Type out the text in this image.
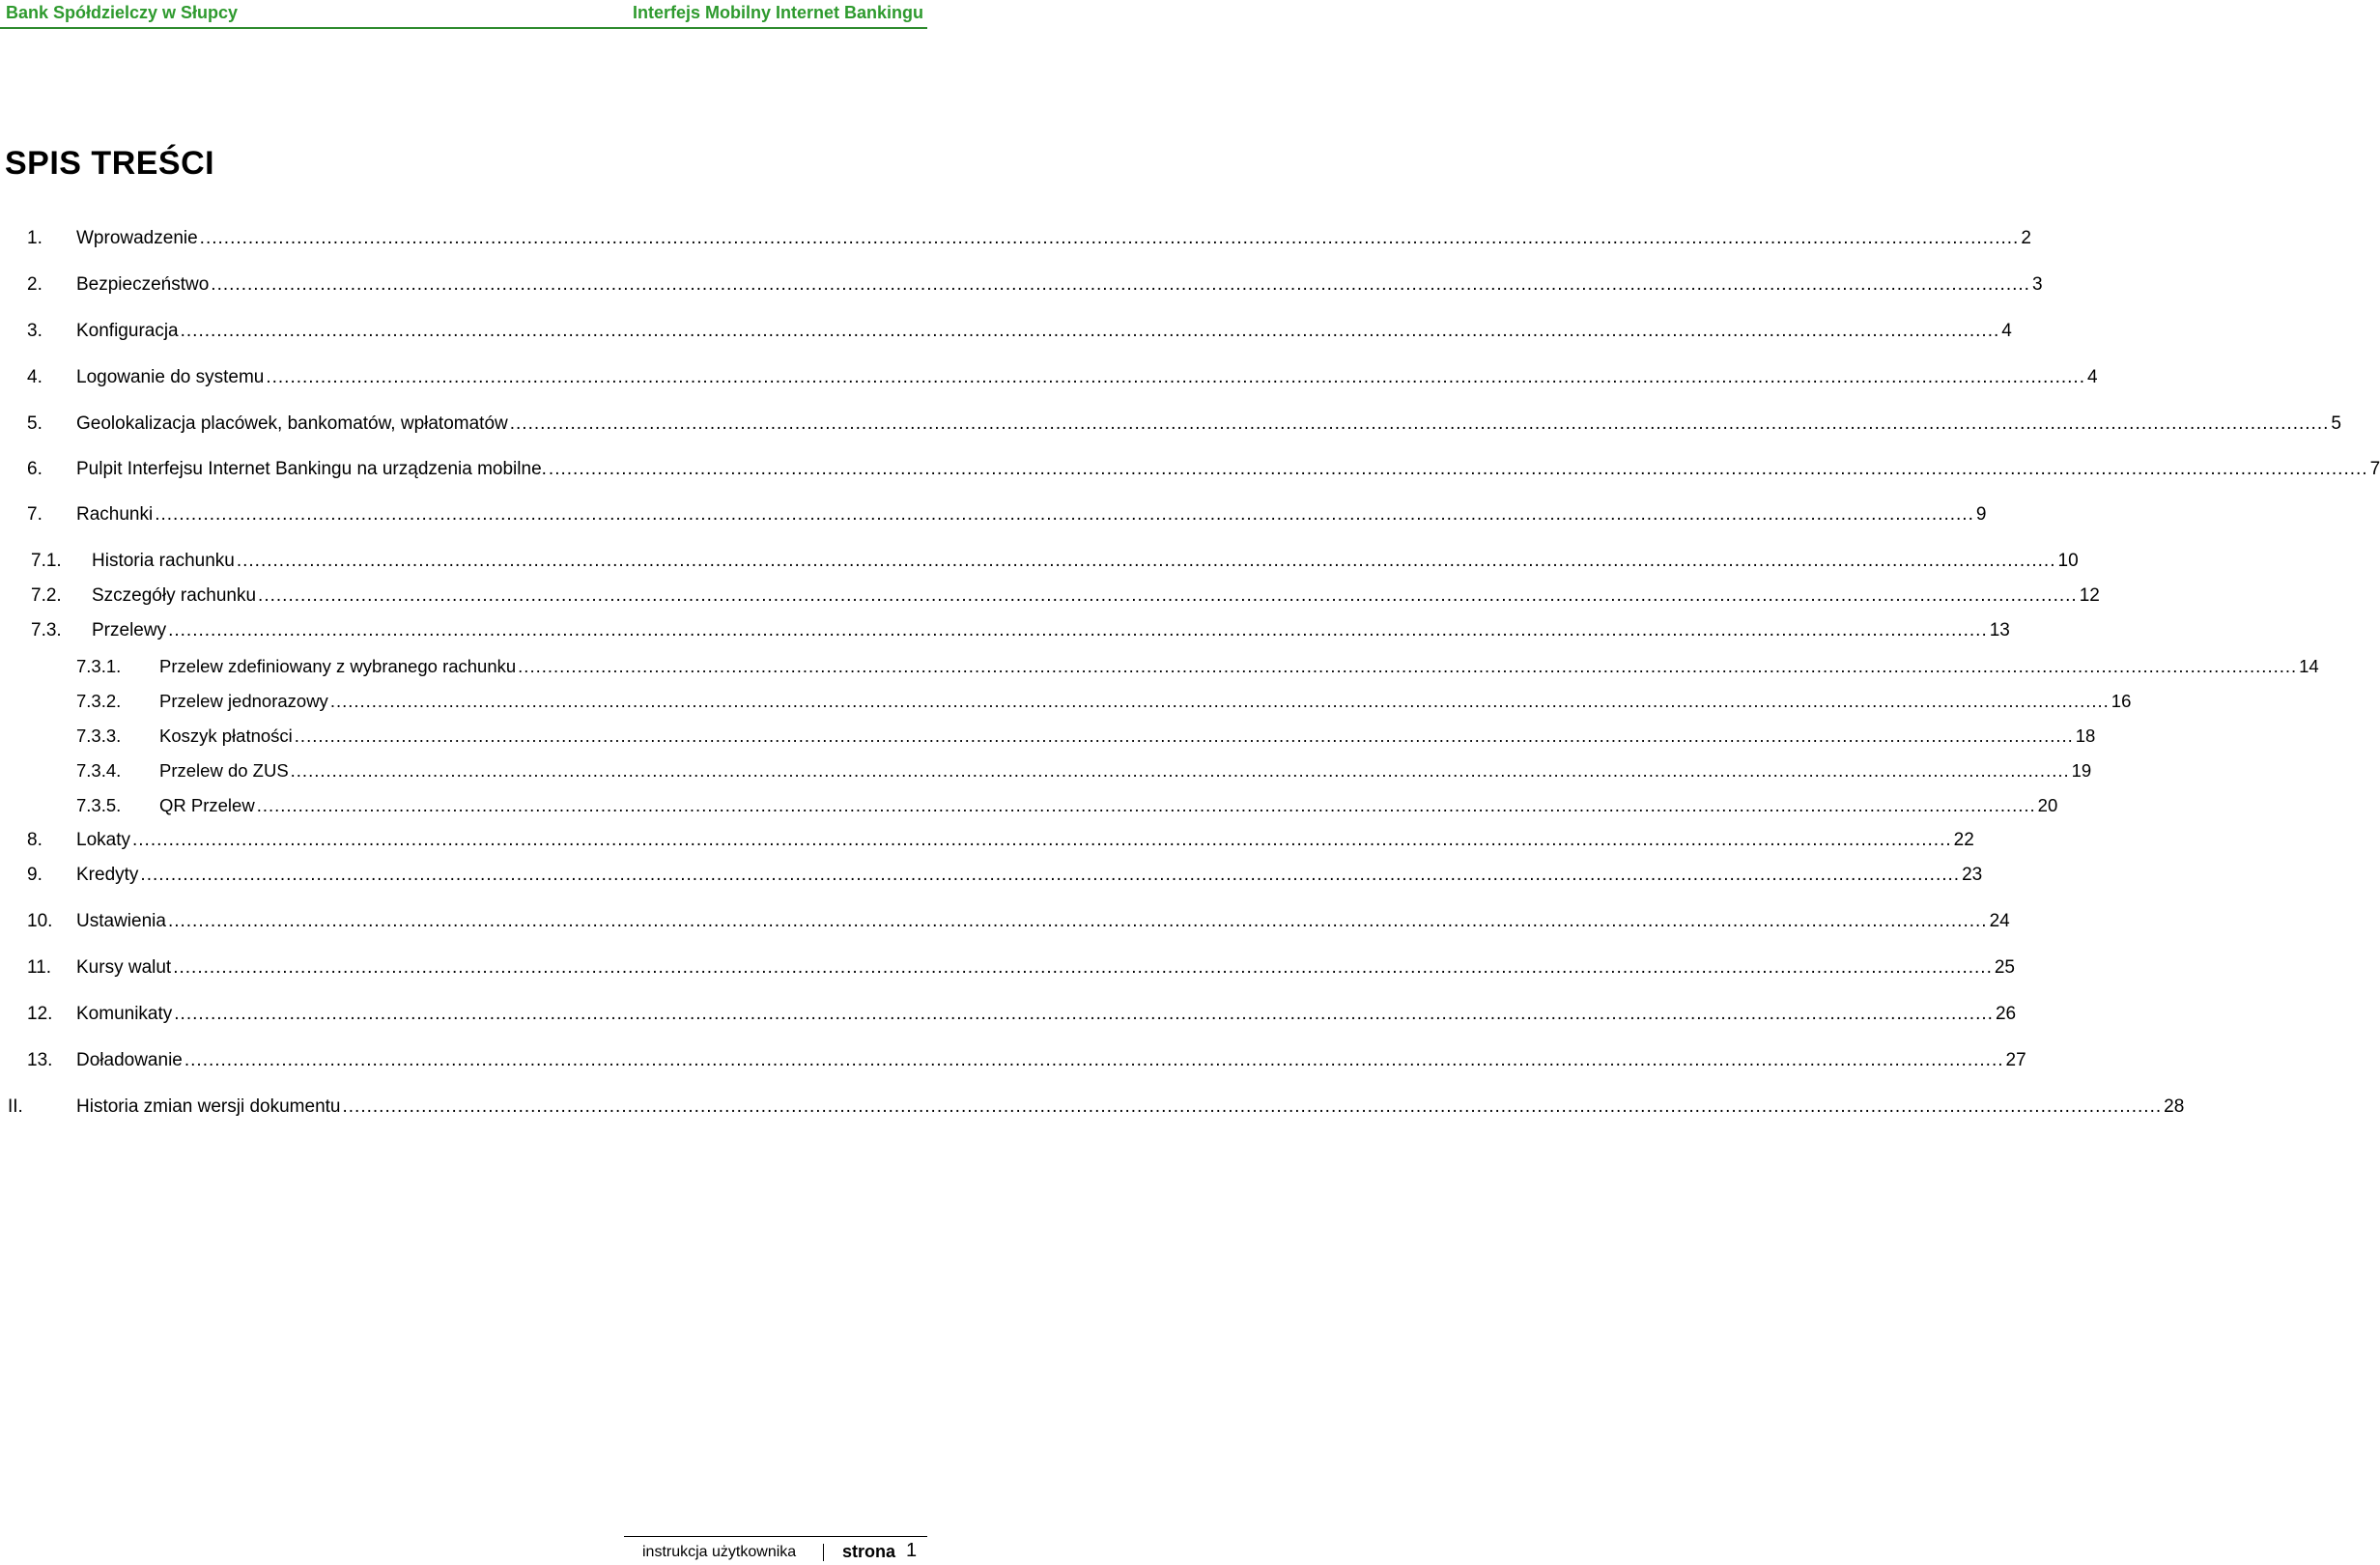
Bank Spółdzielczy w Słupcy	Interfejs Mobilny Internet Bankingu
SPIS TREŚCI
1. Wprowadzenie ............................................................................................................................................................................................................................................................................................................ 2
2. Bezpieczeństwo ............................................................................................................................................................................................................................................................................................................ 3
3. Konfiguracja ............................................................................................................................................................................................................................................................................................................ 4
4. Logowanie do systemu ............................................................................................................................................................................................................................................................................................................ 4
5. Geolokalizacja placówek, bankomatów, wpłatomatów ............................................................................................................................................................................................................................................................................................................ 5
6. Pulpit Interfejsu Internet Bankingu na urządzenia mobilne. ............................................................................................................................................................................................................................................................................................................ 7
7. Rachunki ............................................................................................................................................................................................................................................................................................................ 9
7.1. Historia rachunku ............................................................................................................................................................................................................................................................................................................ 10
7.2. Szczegóły rachunku ............................................................................................................................................................................................................................................................................................................ 12
7.3. Przelewy ............................................................................................................................................................................................................................................................................................................ 13
7.3.1. Przelew zdefiniowany z wybranego rachunku ............................................................................................................................................................................................................................................................................................................ 14
7.3.2. Przelew jednorazowy ............................................................................................................................................................................................................................................................................................................ 16
7.3.3. Koszyk płatności ............................................................................................................................................................................................................................................................................................................ 18
7.3.4. Przelew do ZUS ............................................................................................................................................................................................................................................................................................................ 19
7.3.5. QR Przelew ............................................................................................................................................................................................................................................................................................................ 20
8. Lokaty ............................................................................................................................................................................................................................................................................................................ 22
9. Kredyty ............................................................................................................................................................................................................................................................................................................ 23
10. Ustawienia ............................................................................................................................................................................................................................................................................................................ 24
11. Kursy walut ............................................................................................................................................................................................................................................................................................................ 25
12. Komunikaty ............................................................................................................................................................................................................................................................................................................ 26
13. Doładowanie ............................................................................................................................................................................................................................................................................................................ 27
II.	Historia zmian wersji dokumentu ............................................................................................................................................................................................................................................................................................................ 28
instrukcja użytkownika	strona 1
